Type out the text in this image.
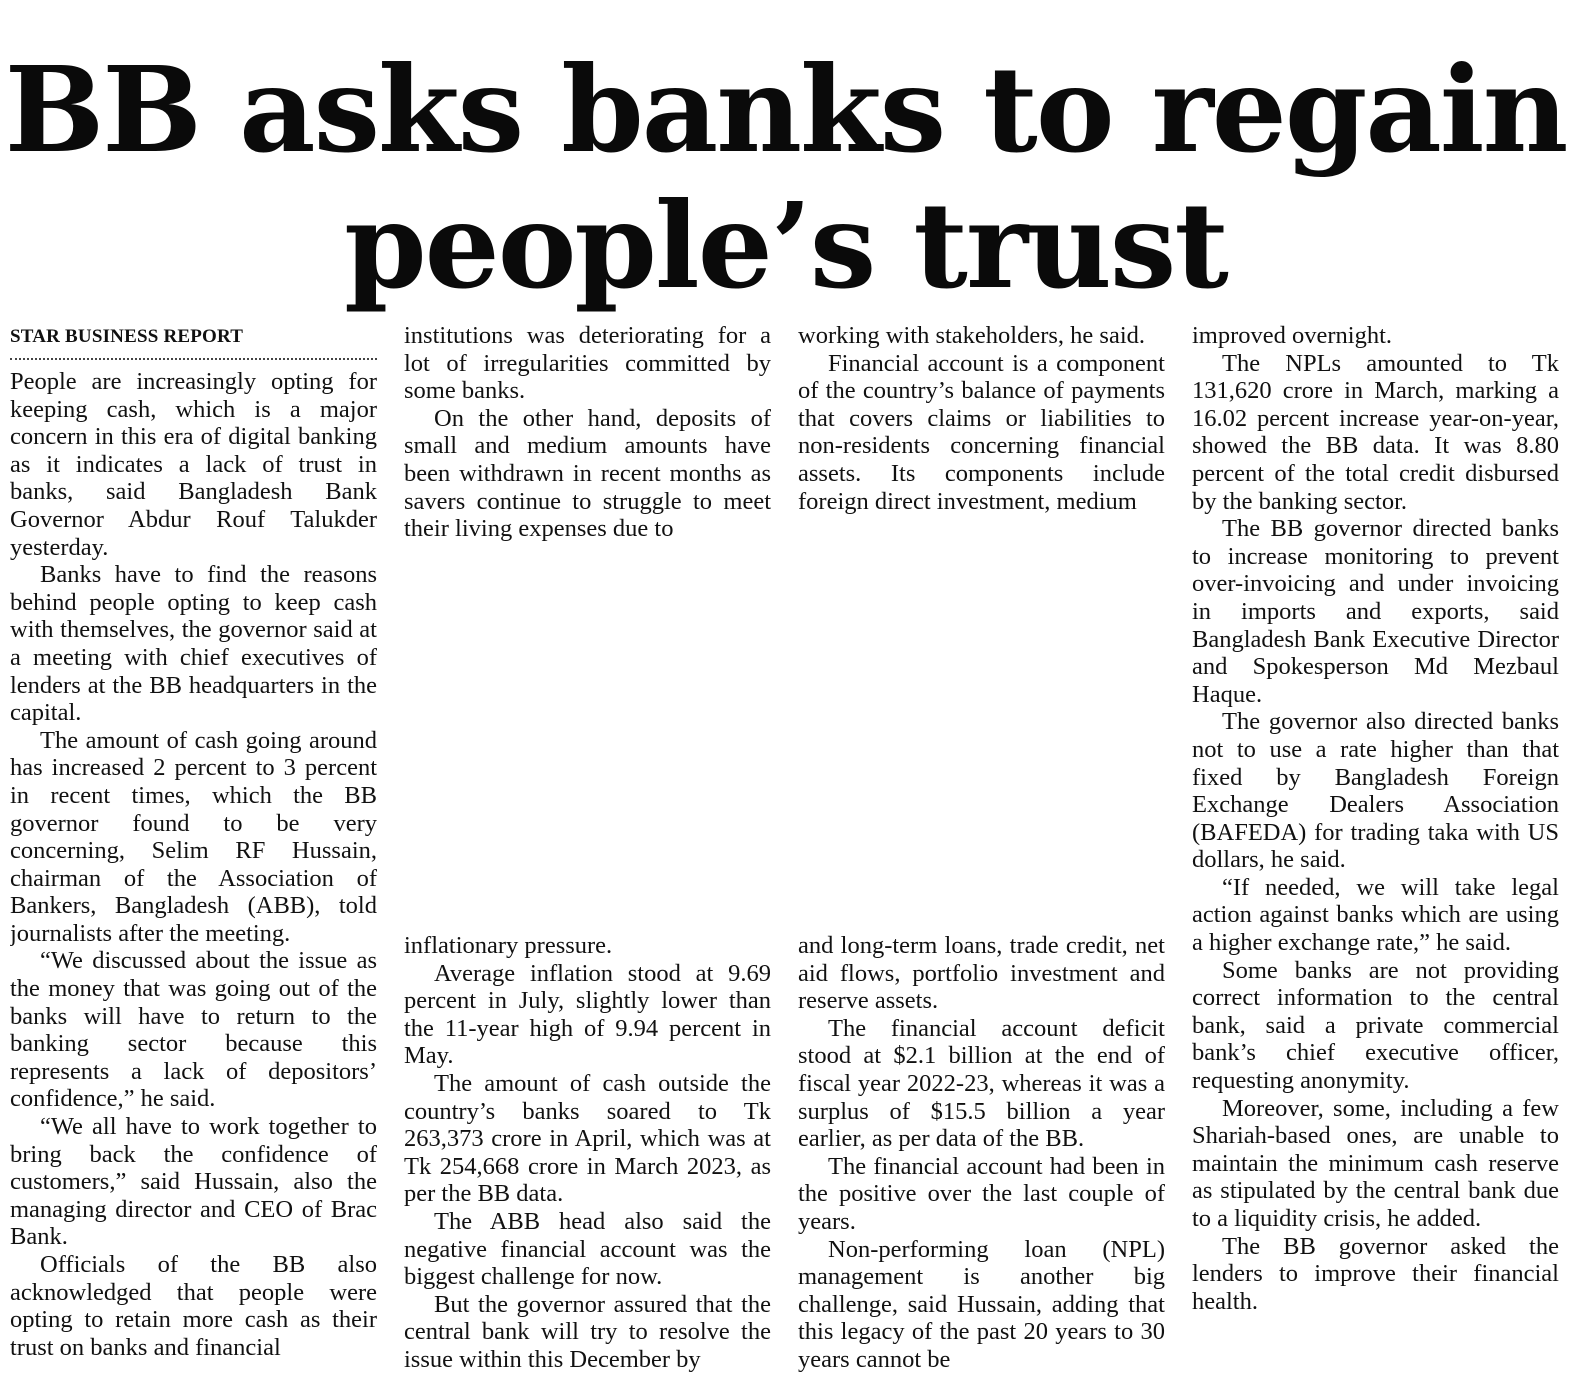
BB asks banks to regain
people’s trust
STAR BUSINESS REPORT

People are increasingly opting for keeping cash, which is a major concern in this era of digital banking as it indicates a lack of trust in banks, said Bangladesh Bank Governor Abdur Rouf Talukder yesterday.

Banks have to find the reasons behind people opting to keep cash with themselves, the governor said at a meeting with chief executives of lenders at the BB headquarters in the capital.

The amount of cash going around has increased 2 percent to 3 percent in recent times, which the BB governor found to be very concerning, Selim RF Hussain, chairman of the Association of Bankers, Bangladesh (ABB), told journalists after the meeting.

“We discussed about the issue as the money that was going out of the banks will have to return to the banking sector because this represents a lack of depositors’ confidence,” he said.

“We all have to work together to bring back the confidence of customers,” said Hussain, also the managing director and CEO of Brac Bank.

Officials of the BB also acknowledged that people were opting to retain more cash as their trust on banks and financial

institutions was deteriorating for a lot of irregularities committed by some banks.

On the other hand, deposits of small and medium amounts have been withdrawn in recent months as savers continue to struggle to meet their living expenses due to

inflationary pressure.

Average inflation stood at 9.69 percent in July, slightly lower than the 11-year high of 9.94 percent in May.

The amount of cash outside the country’s banks soared to Tk 263,373 crore in April, which was at Tk 254,668 crore in March 2023, as per the BB data.

The ABB head also said the negative financial account was the biggest challenge for now.

But the governor assured that the central bank will try to resolve the issue within this December by

working with stakeholders, he said.

Financial account is a component of the country’s balance of payments that covers claims or liabilities to non-residents concerning financial assets. Its components include foreign direct investment, medium

and long-term loans, trade credit, net aid flows, portfolio investment and reserve assets.

The financial account deficit stood at $2.1 billion at the end of fiscal year 2022-23, whereas it was a surplus of $15.5 billion a year earlier, as per data of the BB.

The financial account had been in the positive over the last couple of years.

Non-performing loan (NPL) management is another big challenge, said Hussain, adding that this legacy of the past 20 years to 30 years cannot be

improved overnight.

The NPLs amounted to Tk 131,620 crore in March, marking a 16.02 percent increase year-on-year, showed the BB data. It was 8.80 percent of the total credit disbursed by the banking sector.

The BB governor directed banks to increase monitoring to prevent over-invoicing and under invoicing in imports and exports, said Bangladesh Bank Executive Director and Spokesperson Md Mezbaul Haque.

The governor also directed banks not to use a rate higher than that fixed by Bangladesh Foreign Exchange Dealers Association (BAFEDA) for trading taka with US dollars, he said.

“If needed, we will take legal action against banks which are using a higher exchange rate,” he said.

Some banks are not providing correct information to the central bank, said a private commercial bank’s chief executive officer, requesting anonymity.

Moreover, some, including a few Shariah-based ones, are unable to maintain the minimum cash reserve as stipulated by the central bank due to a liquidity crisis, he added.

The BB governor asked the lenders to improve their financial health.
